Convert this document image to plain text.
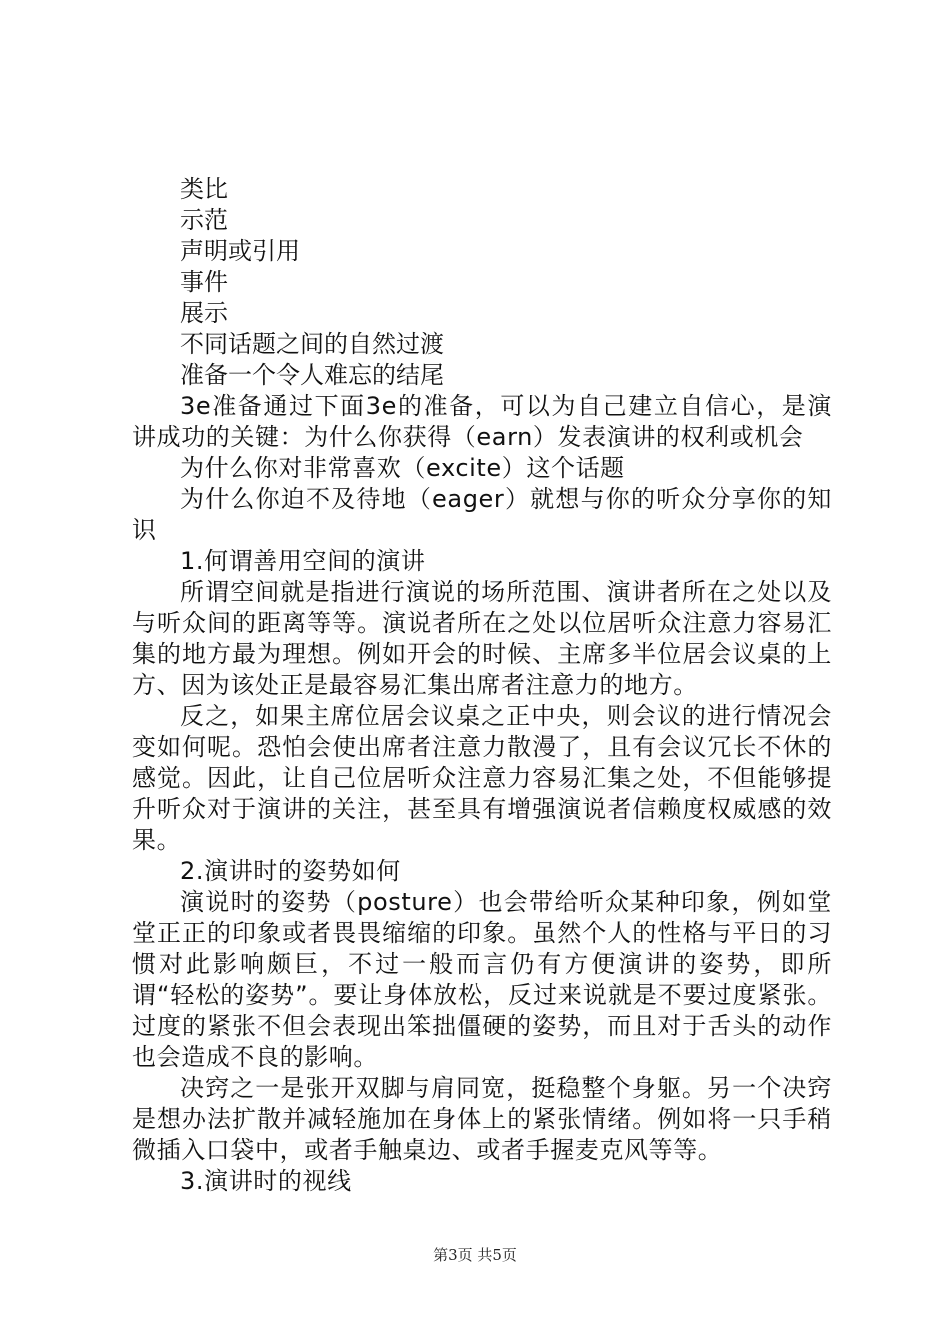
类比

示范

声明或引用

事件

展示

不同话题之间的自然过渡

准备一个令人难忘的结尾

3e准备通过下面3e的准备，可以为自己建立自信心，是演讲成功的关键：为什么你获得（earn）发表演讲的权利或机会

为什么你对非常喜欢（excite）这个话题

为什么你迫不及待地（eager）就想与你的听众分享你的知识

1.何谓善用空间的演讲

所谓空间就是指进行演说的场所范围、演讲者所在之处以及与听众间的距离等等。演说者所在之处以位居听众注意力容易汇集的地方最为理想。例如开会的时候、主席多半位居会议桌的上方、因为该处正是最容易汇集出席者注意力的地方。

反之，如果主席位居会议桌之正中央，则会议的进行情况会变如何呢。恐怕会使出席者注意力散漫了，且有会议冗长不休的感觉。因此，让自己位居听众注意力容易汇集之处，不但能够提升听众对于演讲的关注，甚至具有增强演说者信赖度权威感的效果。

2.演讲时的姿势如何

演说时的姿势（posture）也会带给听众某种印象，例如堂堂正正的印象或者畏畏缩缩的印象。虽然个人的性格与平日的习惯对此影响颇巨，不过一般而言仍有方便演讲的姿势，即所谓“轻松的姿势”。要让身体放松，反过来说就是不要过度紧张。过度的紧张不但会表现出笨拙僵硬的姿势，而且对于舌头的动作也会造成不良的影响。

决窍之一是张开双脚与肩同宽，挺稳整个身躯。另一个决窍是想办法扩散并减轻施加在身体上的紧张情绪。例如将一只手稍微插入口袋中，或者手触桌边、或者手握麦克风等等。

3.演讲时的视线

第3页 共5页
